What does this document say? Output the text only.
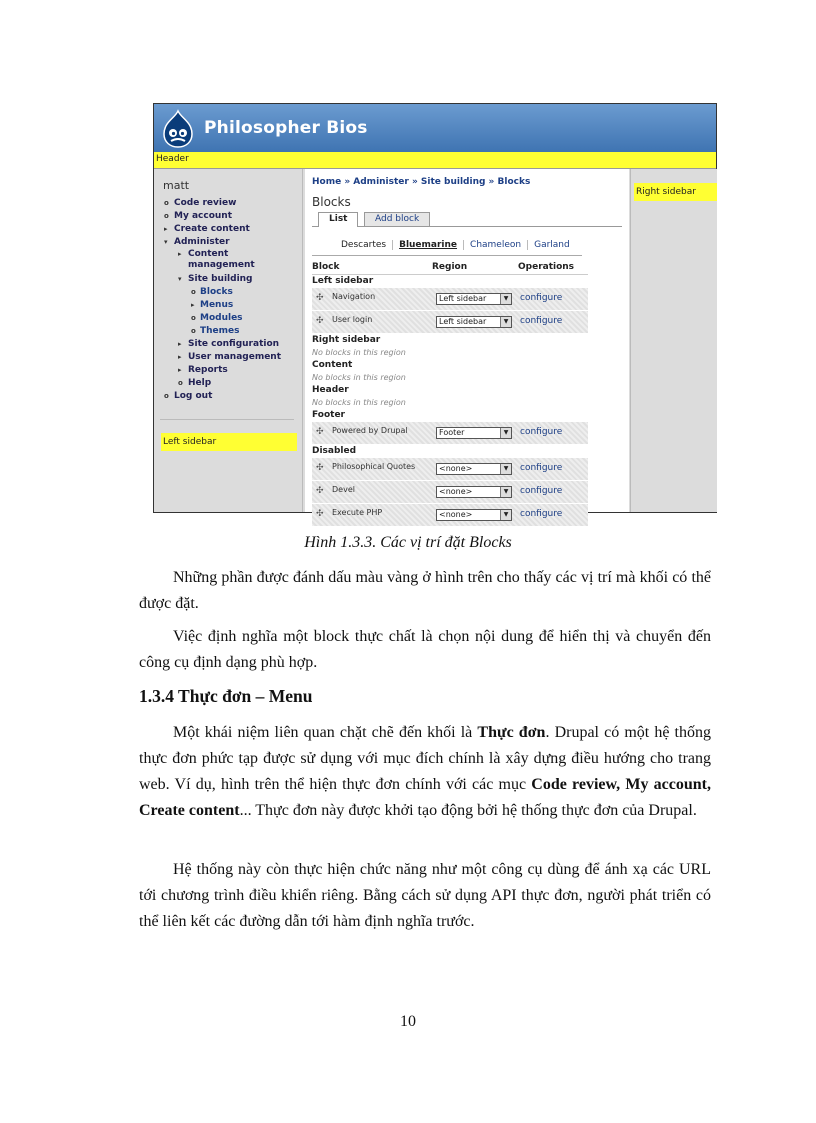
Philosopher Bios
Header
matt
o Code review
o My account
▸ Create content
▾ Administer
▸ Content management
▾ Site building
o Blocks
▸ Menus
o Modules
o Themes
▸ Site configuration
▸ User management
▸ Reports
o Help
o Log out
Left sidebar
Home » Administer » Site building » Blocks
Blocks
List	Add block
Descartes Bluemarine Chameleon Garland
Block	Region	Operations
Left sidebar
✣ Navigation	Left sidebar	▼ configure
✣ User login	Left sidebar	▼ configure
Right sidebar
No blocks in this region
Content
No blocks in this region
Header
No blocks in this region
Footer
✣ Powered by Drupal	Footer	▼ configure
Disabled
✣ Philosophical Quotes	<none>	▼ configure
✣ Devel	<none>	▼ configure
✣ Execute PHP	<none>	▼ configure
Right sidebar
Hình 1.3.3. Các vị trí đặt Blocks

Những phần được đánh dấu màu vàng ở hình trên cho thấy các vị trí mà khối có thể được đặt.

Việc định nghĩa một block thực chất là chọn nội dung để hiển thị và chuyển đến công cụ định dạng phù hợp.

1.3.4 Thực đơn – Menu

Một khái niệm liên quan chặt chẽ đến khối là Thực đơn. Drupal có một hệ thống thực đơn phức tạp được sử dụng với mục đích chính là xây dựng điều hướng cho trang web. Ví dụ, hình trên thể hiện thực đơn chính với các mục Code review, My account, Create content... Thực đơn này được khởi tạo động bởi hệ thống thực đơn của Drupal.

Hệ thống này còn thực hiện chức năng như một công cụ dùng để ánh xạ các URL tới chương trình điều khiển riêng. Bằng cách sử dụng API thực đơn, người phát triển có thể liên kết các đường dẫn tới hàm định nghĩa trước.

10
